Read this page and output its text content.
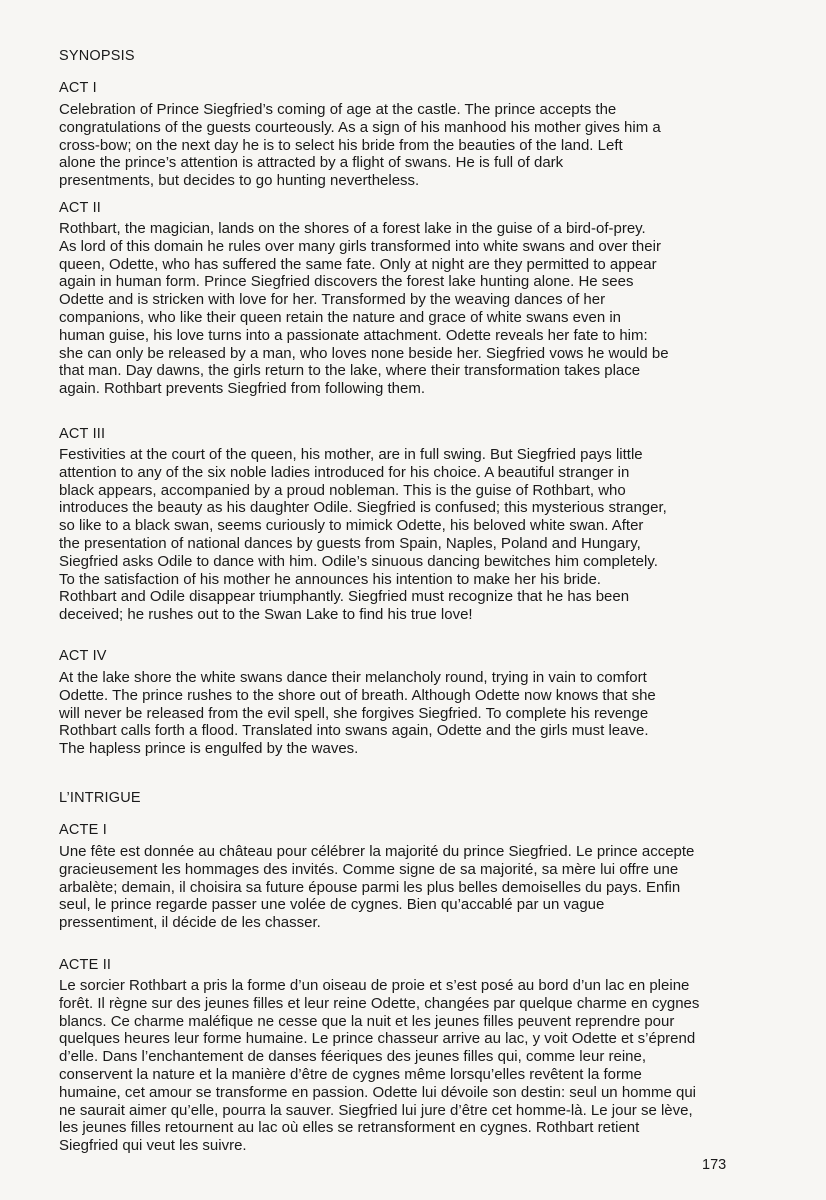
SYNOPSIS
ACT I

Celebration of Prince Siegfried’s coming of age at the castle. The prince accepts the
congratulations of the guests courteously. As a sign of his manhood his mother gives him a
cross-bow; on the next day he is to select his bride from the beauties of the land. Left
alone the prince’s attention is attracted by a flight of swans. He is full of dark
presentments, but decides to go hunting nevertheless.

ACT II

Rothbart, the magician, lands on the shores of a forest lake in the guise of a bird-of-prey.
As lord of this domain he rules over many girls transformed into white swans and over their
queen, Odette, who has suffered the same fate. Only at night are they permitted to appear
again in human form. Prince Siegfried discovers the forest lake hunting alone. He sees
Odette and is stricken with love for her. Transformed by the weaving dances of her
companions, who like their queen retain the nature and grace of white swans even in
human guise, his love turns into a passionate attachment. Odette reveals her fate to him:
she can only be released by a man, who loves none beside her. Siegfried vows he would be
that man. Day dawns, the girls return to the lake, where their transformation takes place
again. Rothbart prevents Siegfried from following them.

ACT III

Festivities at the court of the queen, his mother, are in full swing. But Siegfried pays little
attention to any of the six noble ladies introduced for his choice. A beautiful stranger in
black appears, accompanied by a proud nobleman. This is the guise of Rothbart, who
introduces the beauty as his daughter Odile. Siegfried is confused; this mysterious stranger,
so like to a black swan, seems curiously to mimick Odette, his beloved white swan. After
the presentation of national dances by guests from Spain, Naples, Poland and Hungary,
Siegfried asks Odile to dance with him. Odile’s sinuous dancing bewitches him completely.
To the satisfaction of his mother he announces his intention to make her his bride.
Rothbart and Odile disappear triumphantly. Siegfried must recognize that he has been
deceived; he rushes out to the Swan Lake to find his true love!

ACT IV

At the lake shore the white swans dance their melancholy round, trying in vain to comfort
Odette. The prince rushes to the shore out of breath. Although Odette now knows that she
will never be released from the evil spell, she forgives Siegfried. To complete his revenge
Rothbart calls forth a flood. Translated into swans again, Odette and the girls must leave.
The hapless prince is engulfed by the waves.

L’INTRIGUE
ACTE I

Une fête est donnée au château pour célébrer la majorité du prince Siegfried. Le prince accepte
gracieusement les hommages des invités. Comme signe de sa majorité, sa mère lui offre une
arbalète; demain, il choisira sa future épouse parmi les plus belles demoiselles du pays. Enfin
seul, le prince regarde passer une volée de cygnes. Bien qu’accablé par un vague
pressentiment, il décide de les chasser.

ACTE II

Le sorcier Rothbart a pris la forme d’un oiseau de proie et s’est posé au bord d’un lac en pleine
forêt. Il règne sur des jeunes filles et leur reine Odette, changées par quelque charme en cygnes
blancs. Ce charme maléfique ne cesse que la nuit et les jeunes filles peuvent reprendre pour
quelques heures leur forme humaine. Le prince chasseur arrive au lac, y voit Odette et s’éprend
d’elle. Dans l’enchantement de danses féeriques des jeunes filles qui, comme leur reine,
conservent la nature et la manière d’être de cygnes même lorsqu’elles revêtent la forme
humaine, cet amour se transforme en passion. Odette lui dévoile son destin: seul un homme qui
ne saurait aimer qu’elle, pourra la sauver. Siegfried lui jure d’être cet homme-là. Le jour se lève,
les jeunes filles retournent au lac où elles se retransforment en cygnes. Rothbart retient
Siegfried qui veut les suivre.

173
